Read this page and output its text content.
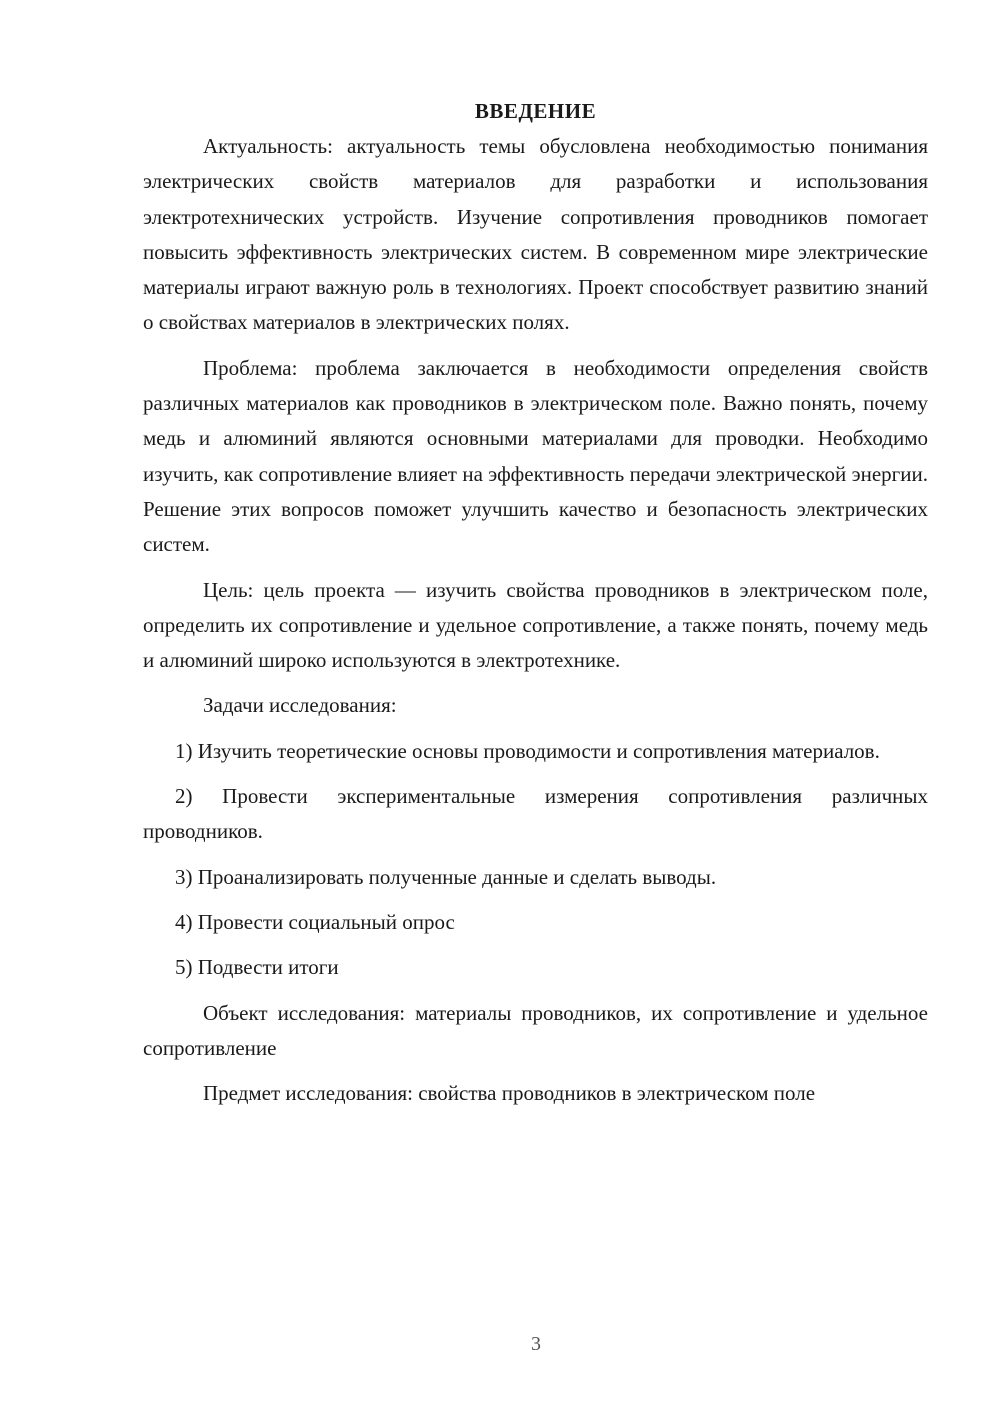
ВВЕДЕНИЕ

Актуальность: актуальность темы обусловлена необходимостью понимания электрических свойств материалов для разработки и использования электротехнических устройств. Изучение сопротивления проводников помогает повысить эффективность электрических систем. В современном мире электрические материалы играют важную роль в технологиях. Проект способствует развитию знаний о свойствах материалов в электрических полях.

Проблема: проблема заключается в необходимости определения свойств различных материалов как проводников в электрическом поле. Важно понять, почему медь и алюминий являются основными материалами для проводки. Необходимо изучить, как сопротивление влияет на эффективность передачи электрической энергии. Решение этих вопросов поможет улучшить качество и безопасность электрических систем.

Цель: цель проекта — изучить свойства проводников в электрическом поле, определить их сопротивление и удельное сопротивление, а также понять, почему медь и алюминий широко используются в электротехнике.

Задачи исследования:

1) Изучить теоретические основы проводимости и сопротивления материалов.

2) Провести экспериментальные измерения сопротивления различных проводников.

3) Проанализировать полученные данные и сделать выводы.

4) Провести социальный опрос

5) Подвести итоги

Объект исследования: материалы проводников, их сопротивление и удельное сопротивление

Предмет исследования: свойства проводников в электрическом поле

3
